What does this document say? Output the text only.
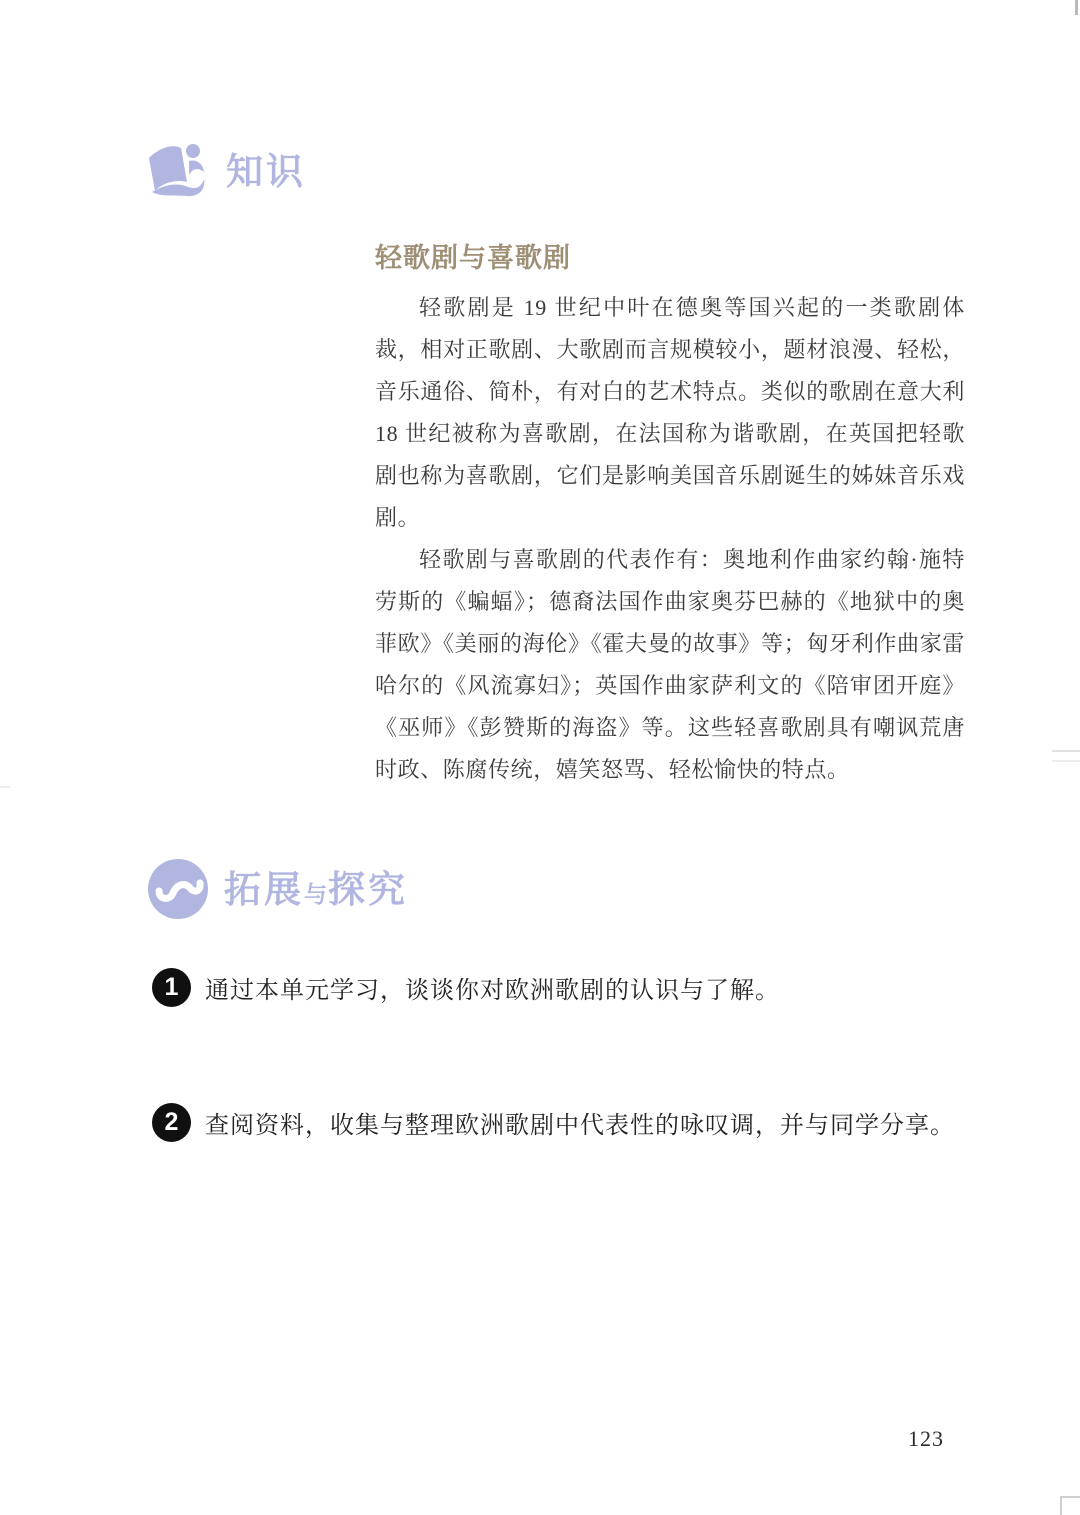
知识
轻歌剧与喜歌剧

轻歌剧是 19 世纪中叶在德奥等国兴起的一类歌剧体裁，相对正歌剧、大歌剧而言规模较小，题材浪漫、轻松，音乐通俗、简朴，有对白的艺术特点。类似的歌剧在意大利 18 世纪被称为喜歌剧，在法国称为谐歌剧，在英国把轻歌剧也称为喜歌剧，它们是影响美国音乐剧诞生的姊妹音乐戏剧。

轻歌剧与喜歌剧的代表作有：奥地利作曲家约翰·施特劳斯的《蝙蝠》；德裔法国作曲家奥芬巴赫的《地狱中的奥菲欧》《美丽的海伦》《霍夫曼的故事》等；匈牙利作曲家雷哈尔的《风流寡妇》；英国作曲家萨利文的《陪审团开庭》《巫师》《彭赞斯的海盗》等。这些轻喜歌剧具有嘲讽荒唐时政、陈腐传统，嬉笑怒骂、轻松愉快的特点。

拓展 与 探究
1	通过本单元学习，谈谈你对欧洲歌剧的认识与了解。
2	查阅资料，收集与整理欧洲歌剧中代表性的咏叹调，并与同学分享。
123
